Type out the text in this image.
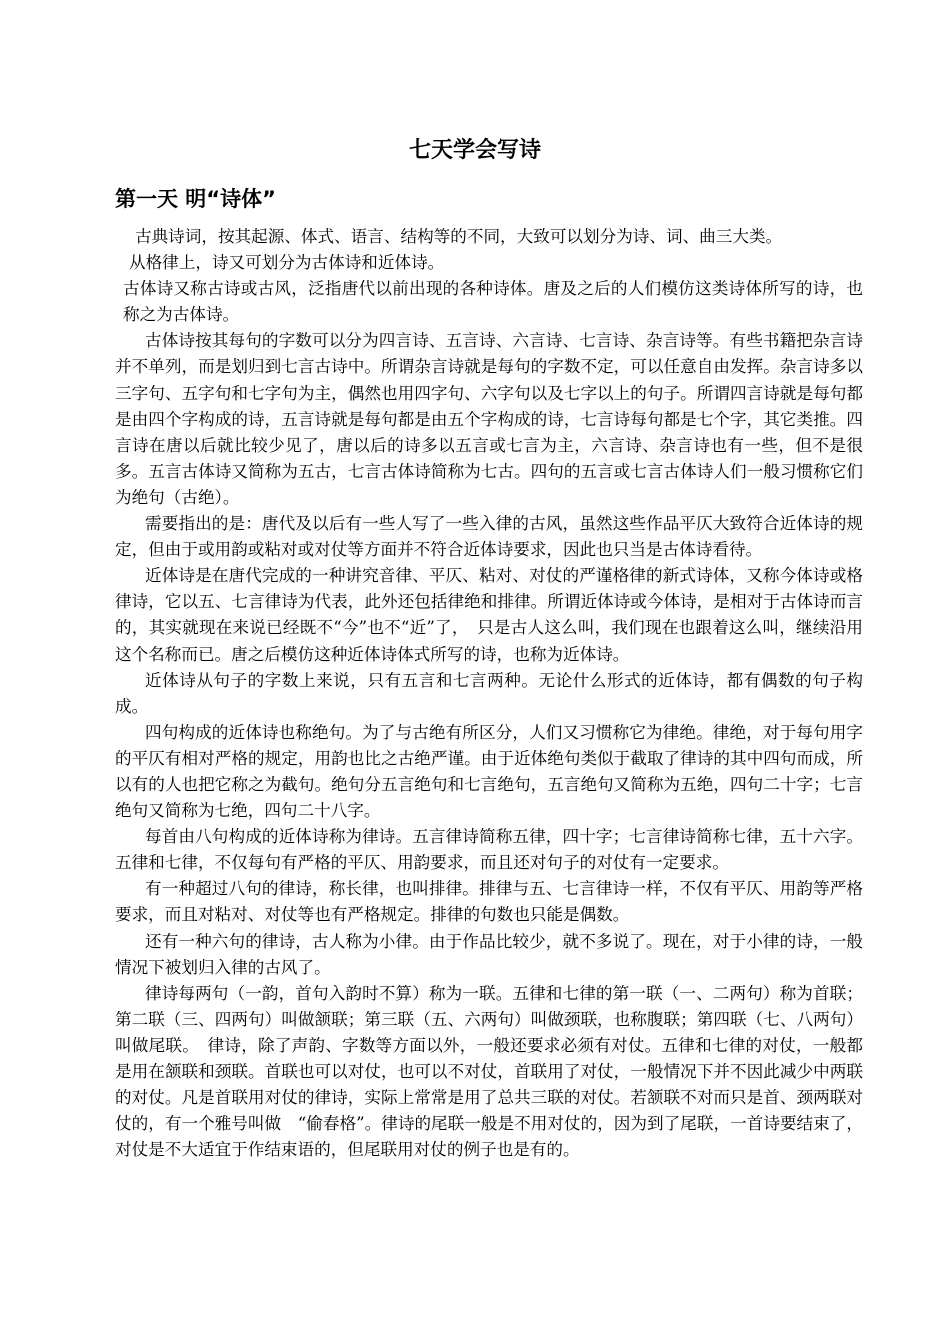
七天学会写诗
第一天 明“诗体”

古典诗词，按其起源、体式、语言、结构等的不同，大致可以划分为诗、词、曲三大类。

从格律上，诗又可划分为古体诗和近体诗。

古体诗又称古诗或古风，泛指唐代以前出现的各种诗体。唐及之后的人们模仿这类诗体所写的诗，也称之为古体诗。

古体诗按其每句的字数可以分为四言诗、五言诗、六言诗、七言诗、杂言诗等。有些书籍把杂言诗并不单列，而是划归到七言古诗中。所谓杂言诗就是每句的字数不定，可以任意自由发挥。杂言诗多以三字句、五字句和七字句为主，偶然也用四字句、六字句以及七字以上的句子。所谓四言诗就是每句都是由四个字构成的诗，五言诗就是每句都是由五个字构成的诗，七言诗每句都是七个字，其它类推。四言诗在唐以后就比较少见了，唐以后的诗多以五言或七言为主，六言诗、杂言诗也有一些，但不是很多。五言古体诗又简称为五古，七言古体诗简称为七古。四句的五言或七言古体诗人们一般习惯称它们为绝句（古绝）。

需要指出的是：唐代及以后有一些人写了一些入律的古风，虽然这些作品平仄大致符合近体诗的规定，但由于或用韵或粘对或对仗等方面并不符合近体诗要求，因此也只当是古体诗看待。

近体诗是在唐代完成的一种讲究音律、平仄、粘对、对仗的严谨格律的新式诗体，又称今体诗或格律诗，它以五、七言律诗为代表，此外还包括律绝和排律。所谓近体诗或今体诗，是相对于古体诗而言的，其实就现在来说已经既不“今”也不“近”了，　只是古人这么叫，我们现在也跟着这么叫，继续沿用这个名称而已。唐之后模仿这种近体诗体式所写的诗，也称为近体诗。

近体诗从句子的字数上来说，只有五言和七言两种。无论什么形式的近体诗，都有偶数的句子构成。

四句构成的近体诗也称绝句。为了与古绝有所区分，人们又习惯称它为律绝。律绝，对于每句用字的平仄有相对严格的规定，用韵也比之古绝严谨。由于近体绝句类似于截取了律诗的其中四句而成，所以有的人也把它称之为截句。绝句分五言绝句和七言绝句，五言绝句又简称为五绝，四句二十字；七言绝句又简称为七绝，四句二十八字。

每首由八句构成的近体诗称为律诗。五言律诗简称五律，四十字；七言律诗简称七律，五十六字。五律和七律，不仅每句有严格的平仄、用韵要求，而且还对句子的对仗有一定要求。

有一种超过八句的律诗，称长律，也叫排律。排律与五、七言律诗一样，不仅有平仄、用韵等严格要求，而且对粘对、对仗等也有严格规定。排律的句数也只能是偶数。

还有一种六句的律诗，古人称为小律。由于作品比较少，就不多说了。现在，对于小律的诗，一般情况下被划归入律的古风了。

律诗每两句（一韵，首句入韵时不算）称为一联。五律和七律的第一联（一、二两句）称为首联；第二联（三、四两句）叫做颔联；第三联（五、六两句）叫做颈联，也称腹联；第四联（七、八两句）叫做尾联。　律诗，除了声韵、字数等方面以外，一般还要求必须有对仗。五律和七律的对仗，一般都是用在颔联和颈联。首联也可以对仗，也可以不对仗，首联用了对仗，一般情况下并不因此减少中两联的对仗。凡是首联用对仗的律诗，实际上常常是用了总共三联的对仗。若颔联不对而只是首、颈两联对仗的，有一个雅号叫做　“偷春格”。律诗的尾联一般是不用对仗的，因为到了尾联，一首诗要结束了，对仗是不大适宜于作结束语的，但尾联用对仗的例子也是有的。
